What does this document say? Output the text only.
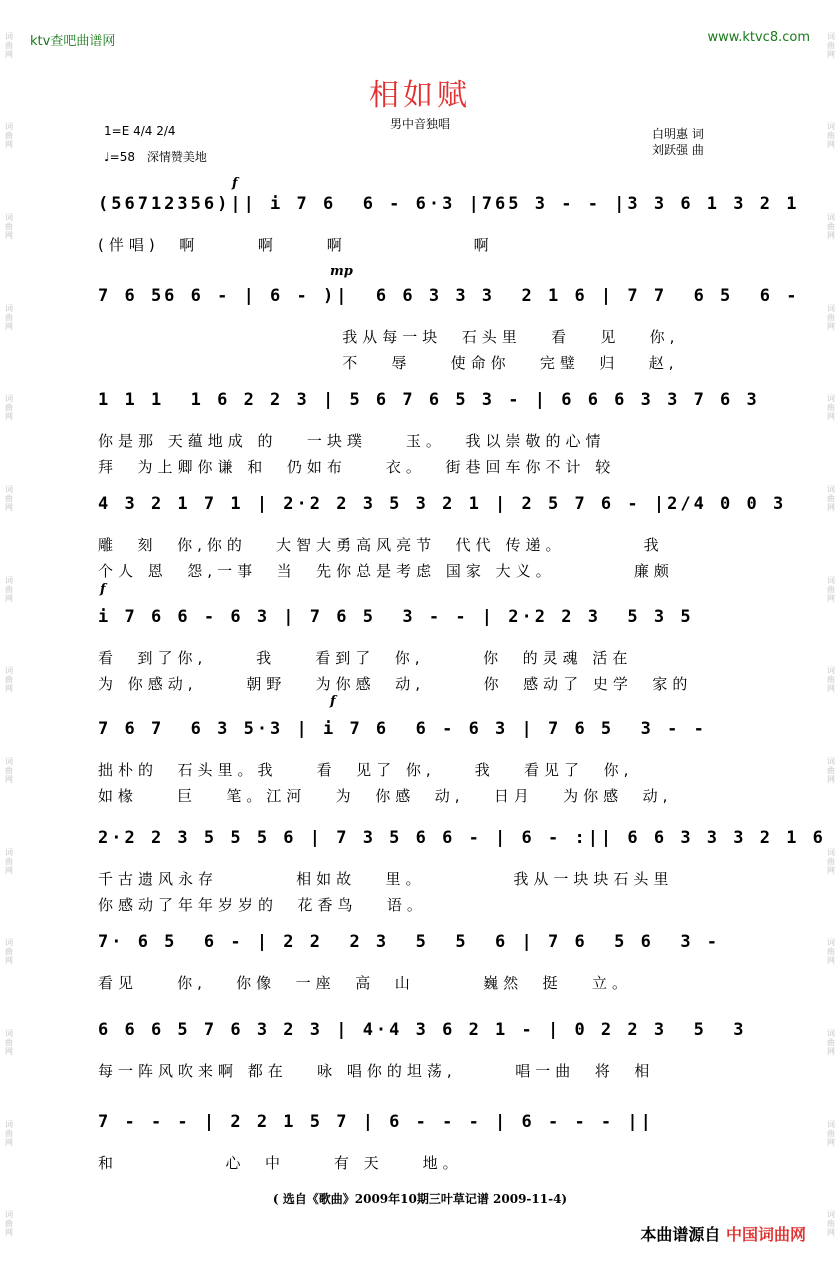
词曲网
词曲网
词曲网
词曲网
词曲网
词曲网
词曲网
词曲网
词曲网
词曲网
词曲网
词曲网
词曲网
词曲网
词曲网
词曲网
词曲网
词曲网
词曲网
词曲网
词曲网
词曲网
词曲网
词曲网
词曲网
词曲网
词曲网
词曲网
ktv查吧曲谱网	www.ktvc8.com
相如赋
男中音独唱
1=E 4/4 2/4
♩=58 深情赞美地
白明惠 词
刘跃强 曲
f
mp
f
f
(56712356)|| i 7 6  6 - 6·3 |765 3 - - |3 3 6 1 3 2 1
(伴唱)  啊      啊     啊             啊
7 6 56 6 - | 6 - )|  6 6 3 3 3  2 1 6 | 7 7  6 5  6 -
我从每一块  石头里   看   见   你,
不   辱    使命你   完璧  归   赵,
1 1 1  1 6 2 2 3 | 5 6 7 6 5 3 - | 6 6 6 3 3 7 6 3
你是那 天蕴地成 的   一块璞    玉。  我以崇敬的心情
拜  为上卿你谦 和  仍如布    衣。  街巷回车你不计 较
4 3 2 1 7 1 | 2·2 2 3 5 3 2 1 | 2 5 7 6 - |2/4 0 0 3
雕  刻  你,你的   大智大勇高风亮节  代代 传递。        我
个人 恩  怨,一事  当  先你总是考虑 国家 大义。        廉颇
i 7 6 6 - 6 3 | 7 6 5  3 - - | 2·2 2 3  5 3 5
看  到了你,     我    看到了  你,      你  的灵魂 活在
为 你感动,     朝野   为你感  动,      你  感动了 史学  家的
7 6 7  6 3 5·3 | i 7 6  6 - 6 3 | 7 6 5  3 - -
拙朴的  石头里。我    看  见了 你,    我   看见了  你,
如椽    巨   笔。江河   为  你感  动,   日月   为你感  动,
2·2 2 3 5 5 5 6 | 7 3 5 6 6 - | 6 - :|| 6 6 3 3 3 2 1 6
千古遗风永存        相如故   里。         我从一块块石头里
你感动了年年岁岁的  花香鸟   语。
7· 6 5  6 - | 2 2  2 3  5  5  6 | 7 6  5 6  3 -
看见    你,   你像  一座  高  山       巍然  挺   立。
6 6 6 5 7 6 3 2 3 | 4·4 3 6 2 1 - | 0 2 2 3  5  3
每一阵风吹来啊 都在   咏 唱你的坦荡,      唱一曲  将  相
7 - - - | 2 2 1 5 7 | 6 - - - | 6 - - - ||
和           心  中     有 天    地。
( 选自《歌曲》2009年10期三叶草记谱 2009-11-4)
本曲谱源自 中国词曲网
